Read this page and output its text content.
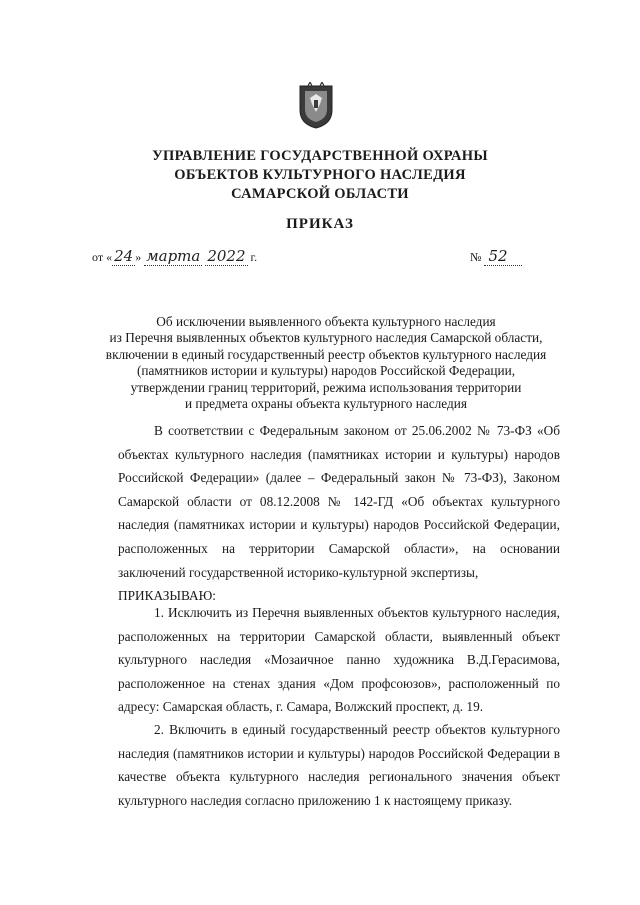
УПРАВЛЕНИЕ ГОСУДАРСТВЕННОЙ ОХРАНЫ
ОБЪЕКТОВ КУЛЬТУРНОГО НАСЛЕДИЯ
САМАРСКОЙ ОБЛАСТИ
ПРИКАЗ
от « 24 » марта 2022 г.	№ 52
Об исключении выявленного объекта культурного наследия
из Перечня выявленных объектов культурного наследия Самарской области,
включении в единый государственный реестр объектов культурного наследия
(памятников истории и культуры) народов Российской Федерации,
утверждении границ территорий, режима использования территории
и предмета охраны объекта культурного наследия

В соответствии с Федеральным законом от 25.06.2002 № 73-ФЗ «Об объектах культурного наследия (памятниках истории и культуры) народов Российской Федерации» (далее – Федеральный закон № 73-ФЗ), Законом Самарской области от 08.12.2008 № 142-ГД «Об объектах культурного наследия (памятниках истории и культуры) народов Российской Федерации, расположенных на территории Самарской области», на основании заключений государственной историко-культурной экспертизы,

ПРИКАЗЫВАЮ:

1. Исключить из Перечня выявленных объектов культурного наследия, расположенных на территории Самарской области, выявленный объект культурного наследия «Мозаичное панно художника В.Д.Герасимова, расположенное на стенах здания «Дом профсоюзов», расположенный по адресу: Самарская область, г. Самара, Волжский проспект, д. 19.

2. Включить в единый государственный реестр объектов культурного наследия (памятников истории и культуры) народов Российской Федерации в качестве объекта культурного наследия регионального значения объект культурного наследия согласно приложению 1 к настоящему приказу.
